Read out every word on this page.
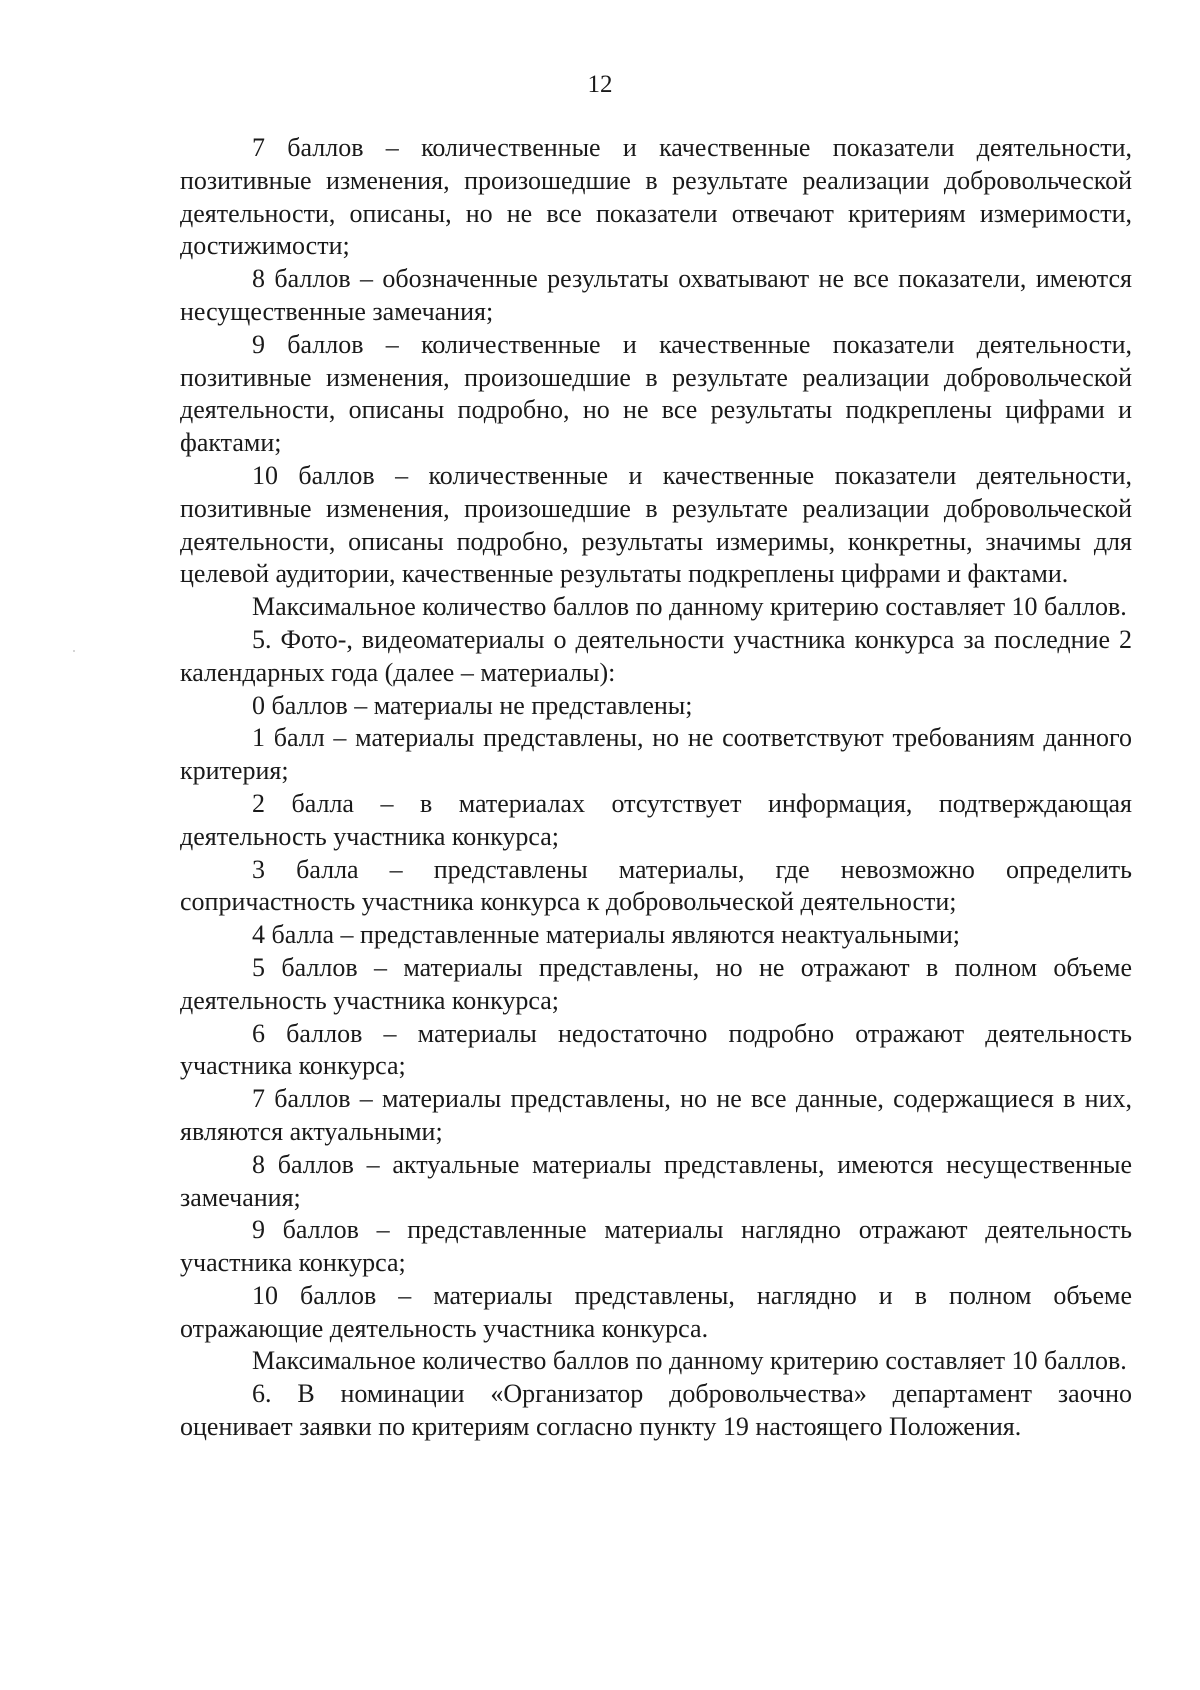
12

7 баллов – количественные и качественные показатели деятельности, позитивные изменения, произошедшие в результате реализации добровольческой деятельности, описаны, но не все показатели отвечают критериям измеримости, достижимости;

8 баллов – обозначенные результаты охватывают не все показатели, имеются несущественные замечания;

9 баллов – количественные и качественные показатели деятельности, позитивные изменения, произошедшие в результате реализации добровольческой деятельности, описаны подробно, но не все результаты подкреплены цифрами и фактами;

10 баллов – количественные и качественные показатели деятельности, позитивные изменения, произошедшие в результате реализации добровольческой деятельности, описаны подробно, результаты измеримы, конкретны, значимы для целевой аудитории, качественные результаты подкреплены цифрами и фактами.

Максимальное количество баллов по данному критерию составляет 10 баллов.

5. Фото-, видеоматериалы о деятельности участника конкурса за последние 2 календарных года (далее – материалы):

0 баллов – материалы не представлены;

1 балл – материалы представлены, но не соответствуют требованиям данного критерия;

2 балла – в материалах отсутствует информация, подтверждающая деятельность участника конкурса;

3 балла – представлены материалы, где невозможно определить сопричастность участника конкурса к добровольческой деятельности;

4 балла – представленные материалы являются неактуальными;

5 баллов – материалы представлены, но не отражают в полном объеме деятельность участника конкурса;

6 баллов – материалы недостаточно подробно отражают деятельность участника конкурса;

7 баллов – материалы представлены, но не все данные, содержащиеся в них, являются актуальными;

8 баллов – актуальные материалы представлены, имеются несущественные замечания;

9 баллов – представленные материалы наглядно отражают деятельность участника конкурса;

10 баллов – материалы представлены, наглядно и в полном объеме отражающие деятельность участника конкурса.

Максимальное количество баллов по данному критерию составляет 10 баллов.

6. В номинации «Организатор добровольчества» департамент заочно оценивает заявки по критериям согласно пункту 19 настоящего Положения.
